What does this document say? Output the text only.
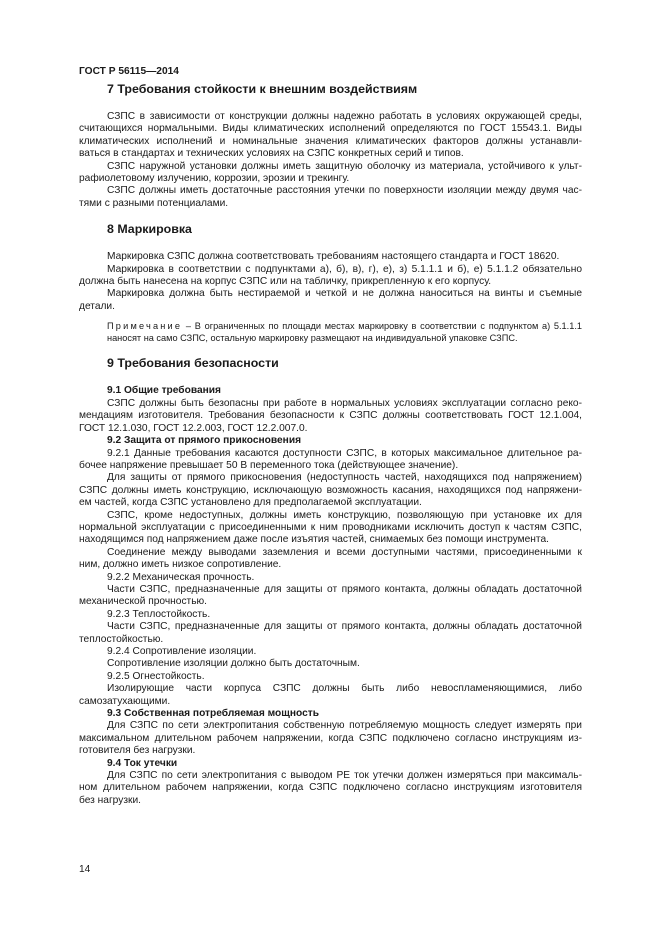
ГОСТ Р 56115—2014
7 Требования стойкости к внешним воздействиям

СЗПС в зависимости от конструкции должны надежно работать в условиях окружающей среды,
считающихся нормальными. Виды климатических исполнений определяются по ГОСТ 15543.1. Виды
климатических исполнений и номинальные значения климатических факторов должны устанавли-
ваться в стандартах и технических условиях на СЗПС конкретных серий и типов.

СЗПС наружной установки должны иметь защитную оболочку из материала, устойчивого к ульт-
рафиолетовому излучению, коррозии, эрозии и трекингу.

СЗПС должны иметь достаточные расстояния утечки по поверхности изоляции между двумя час-
тями с разными потенциалами.

8 Маркировка

Маркировка СЗПС должна соответствовать требованиям настоящего стандарта и ГОСТ 18620.

Маркировка в соответствии с подпунктами а), б), в), г), е), з) 5.1.1.1 и б), е) 5.1.1.2 обязательно
должна быть нанесена на корпус СЗПС или на табличку, прикрепленную к его корпусу.

Маркировка должна быть нестираемой и четкой и не должна наноситься на винты и съемные
детали.

Примечание – В ограниченных по площади местах маркировку в соответствии с подпунктом а) 5.1.1.1
наносят на само СЗПС, остальную маркировку размещают на индивидуальной упаковке СЗПС.
9 Требования безопасности
9.1 Общие требования

СЗПС должны быть безопасны при работе в нормальных условиях эксплуатации согласно реко-
мендациям изготовителя. Требования безопасности к СЗПС должны соответствовать ГОСТ 12.1.004,
ГОСТ 12.1.030, ГОСТ 12.2.003, ГОСТ 12.2.007.0.

9.2 Защита от прямого прикосновения

9.2.1 Данные требования касаются доступности СЗПС, в которых максимальное длительное ра-
бочее напряжение превышает 50 В переменного тока (действующее значение).

Для защиты от прямого прикосновения (недоступность частей, находящихся под напряжением)
СЗПС должны иметь конструкцию, исключающую возможность касания, находящихся под напряжени-
ем частей, когда СЗПС установлено для предполагаемой эксплуатации.

СЗПС, кроме недоступных, должны иметь конструкцию, позволяющую при установке их для
нормальной эксплуатации с присоединенными к ним проводниками исключить доступ к частям СЗПС,
находящимся под напряжением даже после изъятия частей, снимаемых без помощи инструмента.

Соединение между выводами заземления и всеми доступными частями, присоединенными к
ним, должно иметь низкое сопротивление.

9.2.2 Механическая прочность.

Части СЗПС, предназначенные для защиты от прямого контакта, должны обладать достаточной
механической прочностью.

9.2.3 Теплостойкость.

Части СЗПС, предназначенные для защиты от прямого контакта, должны обладать достаточной
теплостойкостью.

9.2.4 Сопротивление изоляции.

Сопротивление изоляции должно быть достаточным.

9.2.5 Огнестойкость.

Изолирующие части корпуса СЗПС должны быть либо невоспламеняющимися, либо
самозатухающими.

9.3 Собственная потребляемая мощность

Для СЗПС по сети электропитания собственную потребляемую мощность следует измерять при
максимальном длительном рабочем напряжении, когда СЗПС подключено согласно инструкциям из-
готовителя без нагрузки.

9.4 Ток утечки

Для СЗПС по сети электропитания с выводом РЕ ток утечки должен измеряться при максималь-
ном длительном рабочем напряжении, когда СЗПС подключено согласно инструкциям изготовителя
без нагрузки.

14
